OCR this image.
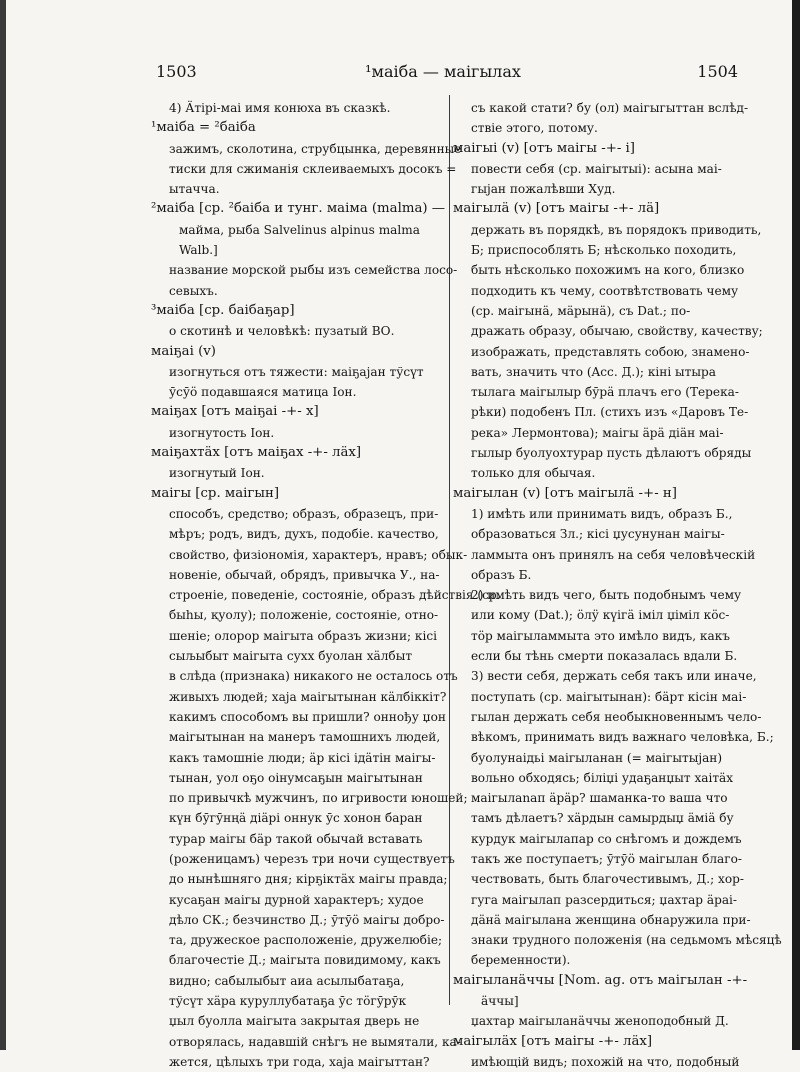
1503	¹маiба — маiгылах	1504
4) Ӓтiрi-маi имя конюха въ сказкѣ.
¹маiба = ²баiба
зажимъ, сколотина, струбцынка, деревянные
тиски для сжиманiя склеиваемыхъ досокъ =
ытачча.
²маiба [ср. ²баiба и тунг. маiма (malma) —
майма, рыба Salvelinus alpinus malma
Walb.]
название морской рыбы изъ семейства лосо-
севыхъ.
³маiба [ср. баiбаҕар]
о скотинѣ и человѣкѣ: пузатый ВО.
маiҕаi (v)
изогнуться отъ тяжести: маiҕаjан тўсүт
ӯсӯӧ подавшаяся матица Iон.
маiҕах [отъ маiҕаi -+- х]
изогнутость Iон.
маiҕахтӓх [отъ маiҕах -+- лӓх]
изогнутый Iон.
маiгы [ср. маiгын]
способъ, средство; образъ, образецъ, при-
мѣръ; родъ, видъ, духъ, подобiе. качество,
свойство, физiономiя, характеръ, нравъ; обык-
новенiе, обычай, обрядъ, привычка У., на-
строенiе, поведенiе, состоянiе, образъ дѣйствiя (ср.
быһы, қуолу); положенiе, состоянiе, отно-
шенiе; олорор маiгыта образъ жизни; кiсi
сыљыбыт маiгыта сухх буолан хӓлбыт
в слѣда (признака) никакого не осталось отъ
живыхъ людей; хаја маiгытынан кӓлбiккiт?
какимъ способомъ вы пришли? оннођу џон
маiгытынан на манеръ тамошнихъ людей,
какъ тамошнiе люди; ӓр кiсi iдӓтiн маiгы-
тынан, уол оҕо оiнумсаҕын маiгытынан
по привычкѣ мужчинъ, по игривости юношей;
күн бӯгӯнңӓ дiӓрi оннук ӯс хонон баран
турар маiгы бӓр такой обычай вставать
(роженицамъ) черезъ три ночи существуетъ
до нынѣшняго дня; кiрҕiктӓх маiгы правда;
кусаҕан маiгы дурной характеръ; худое
дѣло СК.; безчинство Д.; ӯтӯӧ маiгы добро-
та, дружеское расположенiе, дружелюбiе;
благочестiе Д.; маiгыта повидимому, какъ
видно; сабылыбыт аиа асылыбатаҕа,
тўсүт хӓра куруллубатаҕа ӯс тӧгӯрӯк
џыл буолла маiгыта закрытая дверь не
отворялась, надавшiй снѣгъ не вымятали, ка-
жется, цѣлыхъ три года, хаја маiгыттан?
съ какой стати? бу (ол) маiгыгыттан вслѣд-
ствiе этого, потому.
маiгыi (v) [отъ маiгы -+- i]
повести себя (ср. маiгытыi): асына маi-
гыjан пожалѣвши Худ.
маiгылӓ (v) [отъ маiгы -+- лӓ]
держать въ порядкѣ, въ порядокъ приводить,
Б; приспособлять Б; нѣсколько походить,
быть нѣсколько похожимъ на кого, близко
подходить къ чему, соотвѣтствовать чему
(ср. маiгынӓ, мӓрынӓ), съ Dat.; по-
дражать образу, обычаю, свойству, качеству;
изображать, представлять собою, знамено-
вать, значить что (Acc. Д.); кiнi ытыра
тылага маiгылыр бӯрӓ плачъ его (Терека-
рѣки) подобенъ Пл. (стихъ изъ «Даровъ Те-
река» Лермонтова); маiгы ӓрӓ дiӓн маi-
гылыр буолуохтурар пусть дѣлаютъ обряды
только для обычая.
маiгылан (v) [отъ маiгылӓ -+- н]
1) имѣть или принимать видъ, образъ Б.,
образоваться Зл.; кiсi џусунунан маiгы-
ламмыта онъ принялъ на себя человѣческiй
образъ Б.
2) имѣть видъ чего, быть подобнымъ чему
или кому (Dat.); ӧлӱ күiгӓ iмiл џiмiл кӧс-
тӧр маiгыламмыта это имѣло видъ, какъ
если бы тѣнь смерти показалась вдали Б.
3) вести себя, держать себя такъ или иначе,
поступать (ср. маiгытынан): бӓрт кiсiн маi-
гылан держать себя необыкновеннымъ чело-
вѣкомъ, принимать видъ важнаго человѣка, Б.;
буолунаiдьi маiгыланан (= маiгытыjан)
вольно обходясь; бiлiџi удаҕанџыт хаiтӓх
маiгылаnап ӓрӓр? шаманка-то ваша что
тамъ дѣлаетъ? хӓрдын самырдыџ ӓмiӓ бу
курдук маiгылапар со снѣгомъ и дождемъ
такъ же поступаетъ; ӯтӯӧ маiгылан благо-
чествовать, быть благочестивымъ, Д.; хор-
гуга маiгылап разсердиться; џахтар ӓраi-
дӓнӓ маiгылана женщина обнаружила при-
знаки трудного положенiя (на седьмомъ мѣсяцѣ
беременности).
маiгыланӓччы [Nom. ag. отъ маiгылан -+-
ӓччы]
џахтар маiгыланӓччы женоподобный Д.
маiгылӓх [отъ маiгы -+- лӓх]
имѣющiй видъ; похожiй на что, подобный
